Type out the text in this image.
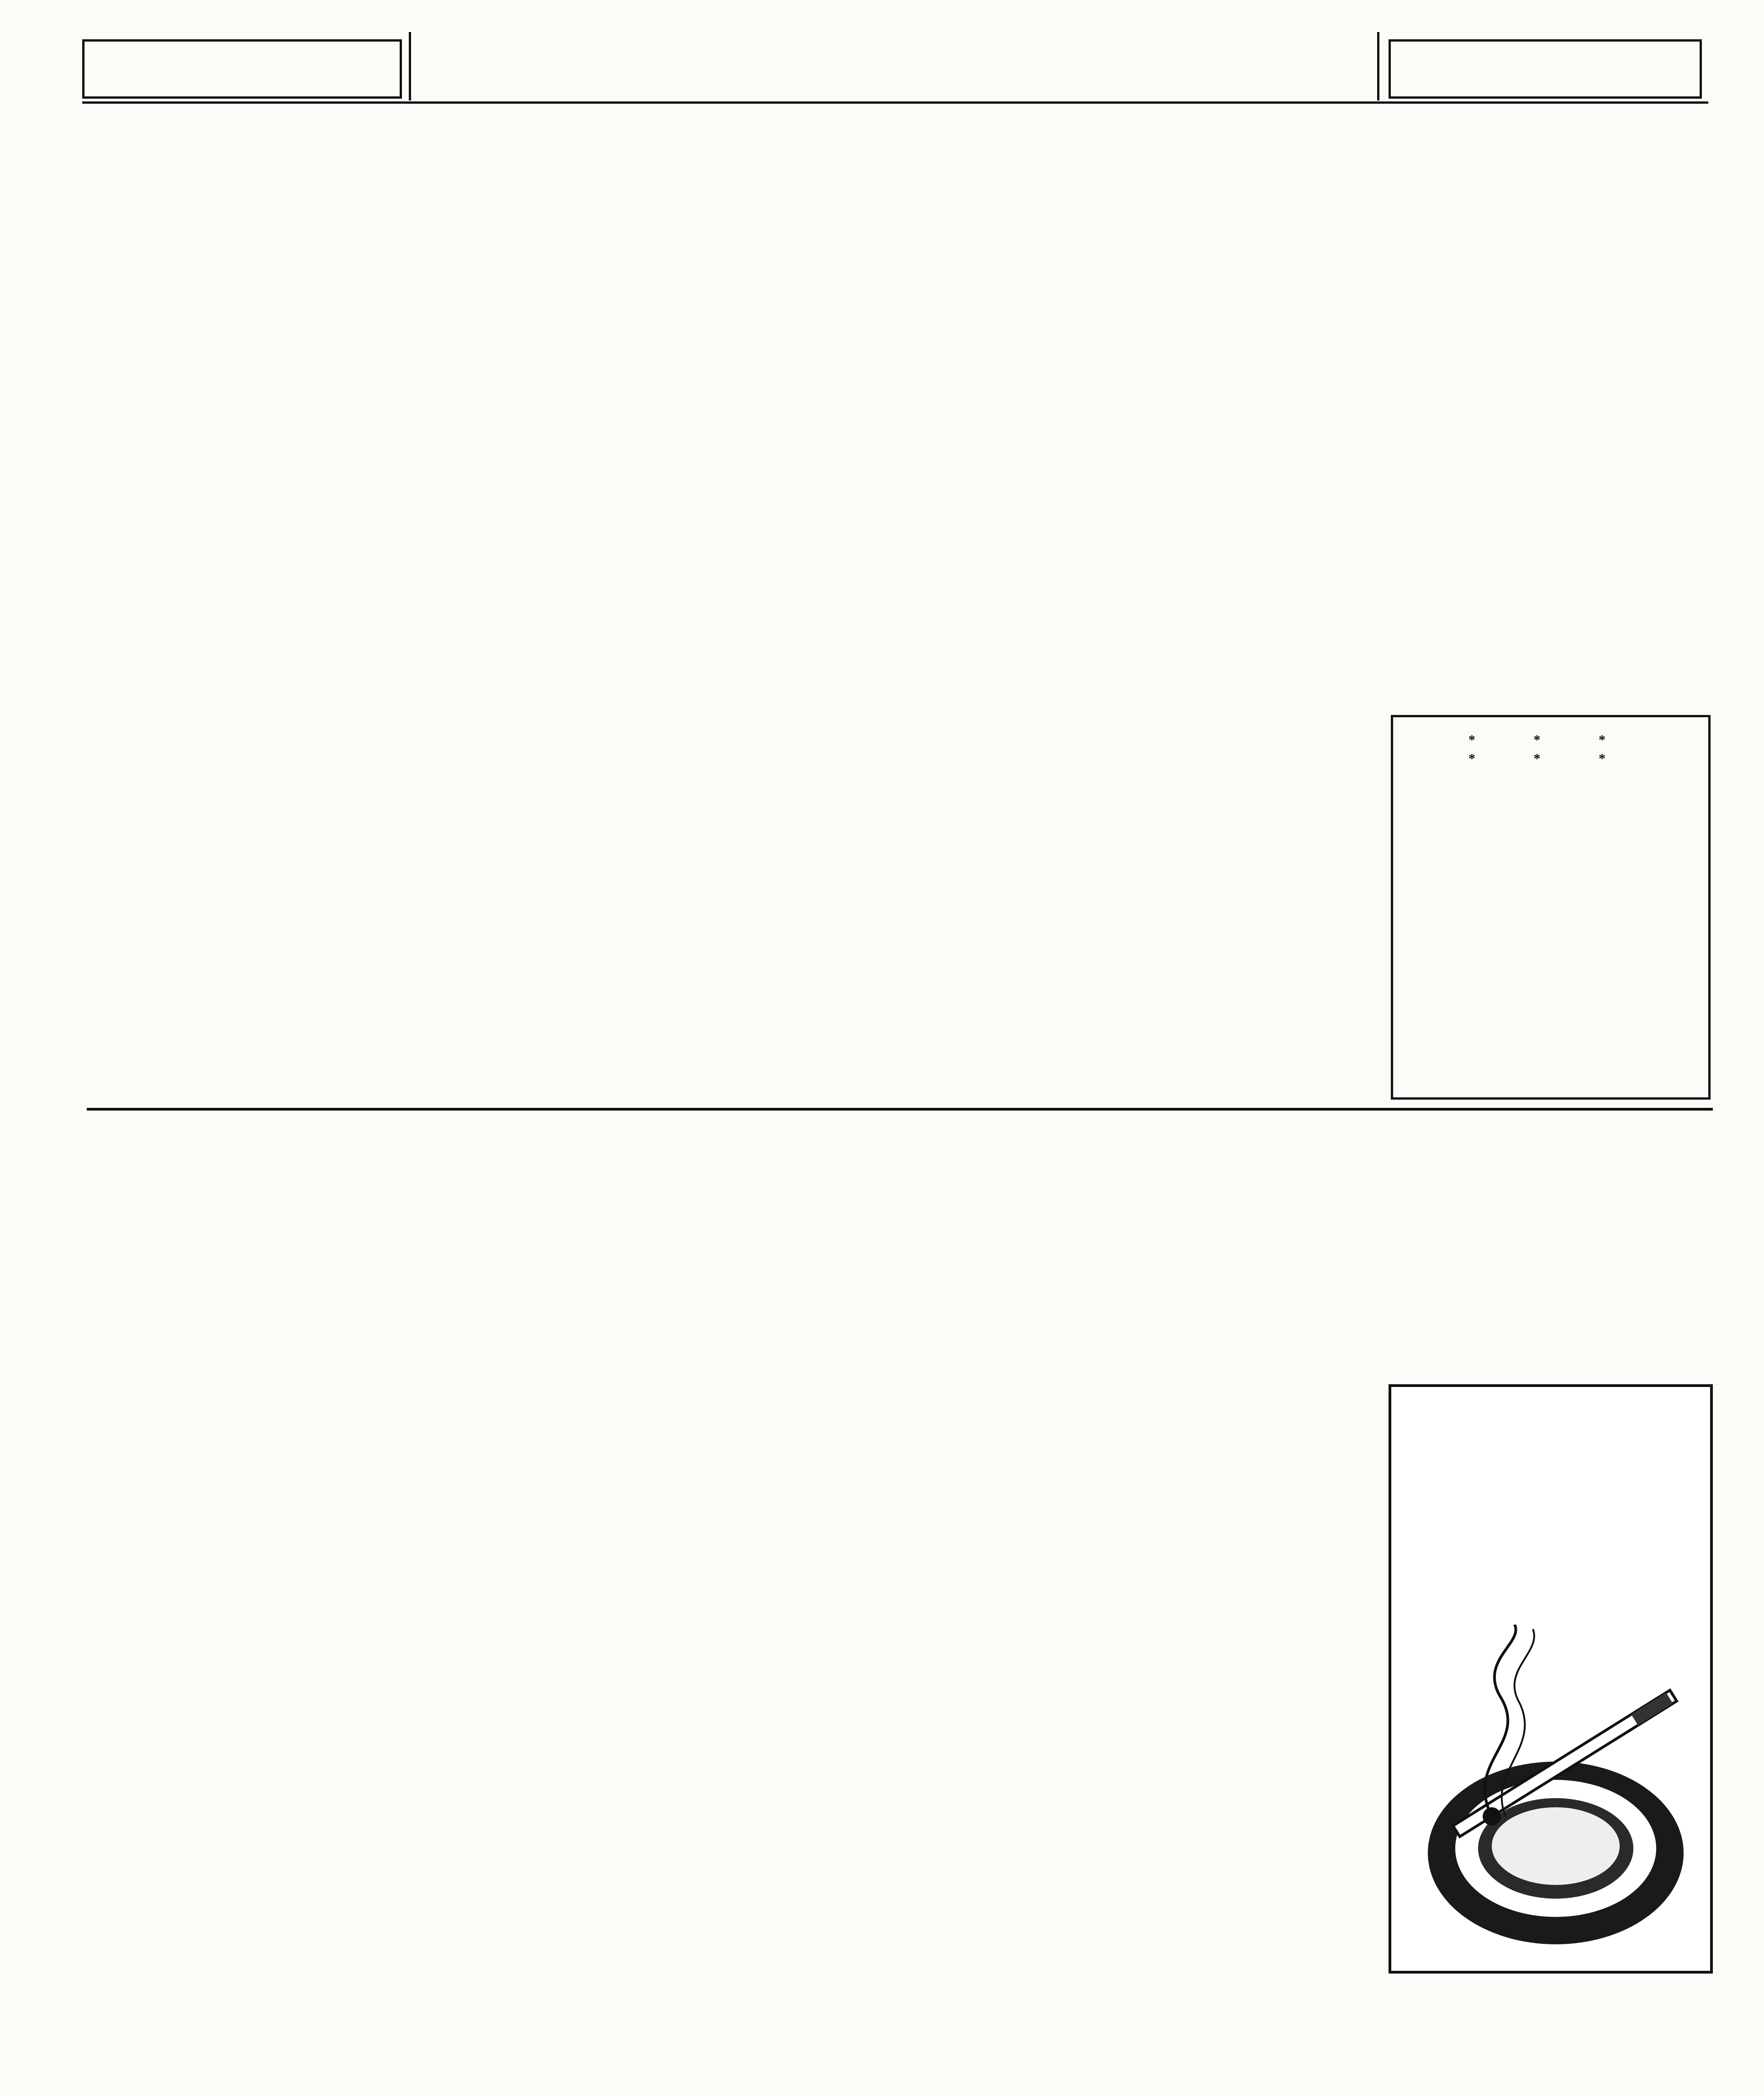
* * *
* * *
